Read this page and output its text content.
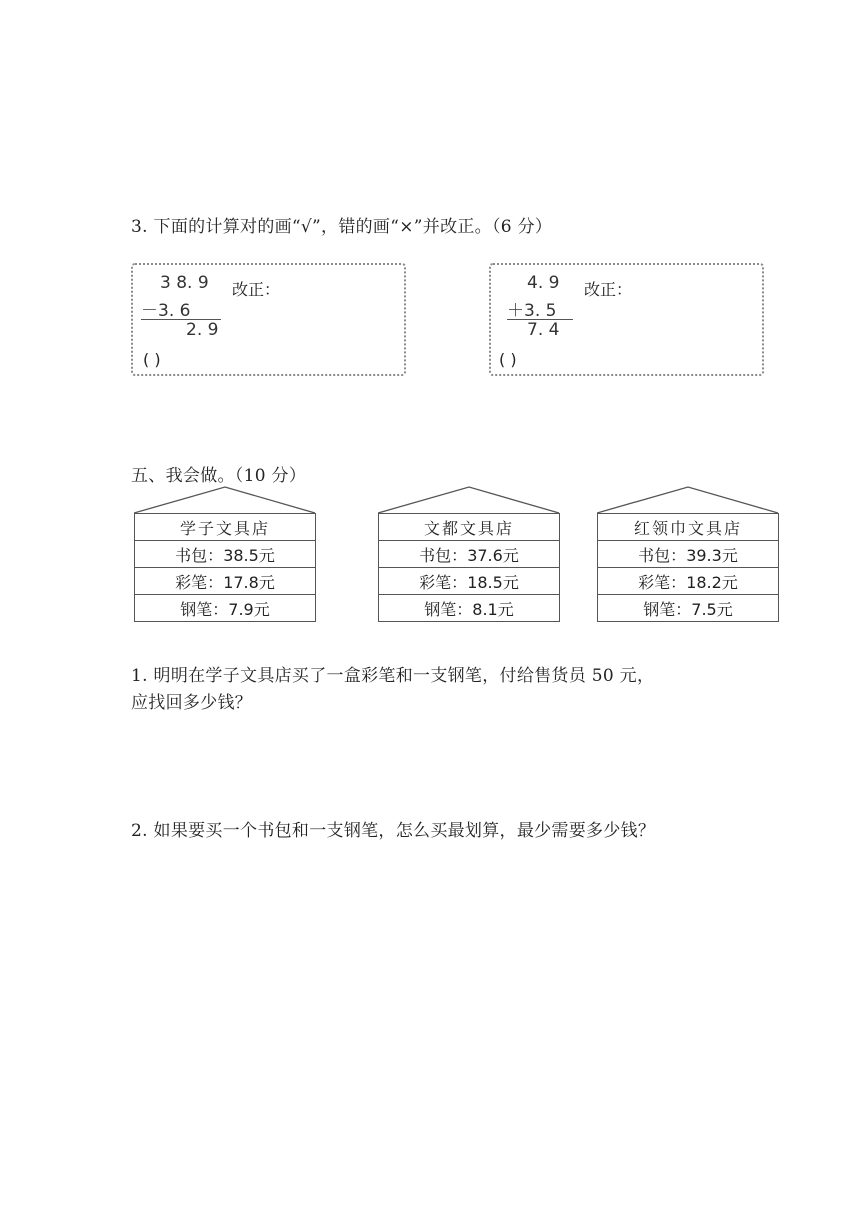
3. 下面的计算对的画“√”，错的画“×”并改正。（6 分）
3 8. 9
－3. 6
2. 9
改正：
( )
4. 9
＋3. 5
7. 4
改正：
( )
五、我会做。（10 分）
学子文具店
书包：38.5元
彩笔：17.8元
钢笔：7.9元
文都文具店
书包：37.6元
彩笔：18.5元
钢笔：8.1元
红领巾文具店
书包：39.3元
彩笔：18.2元
钢笔：7.5元
1. 明明在学子文具店买了一盒彩笔和一支钢笔，付给售货员 50 元，
应找回多少钱？
2. 如果要买一个书包和一支钢笔，怎么买最划算，最少需要多少钱？
